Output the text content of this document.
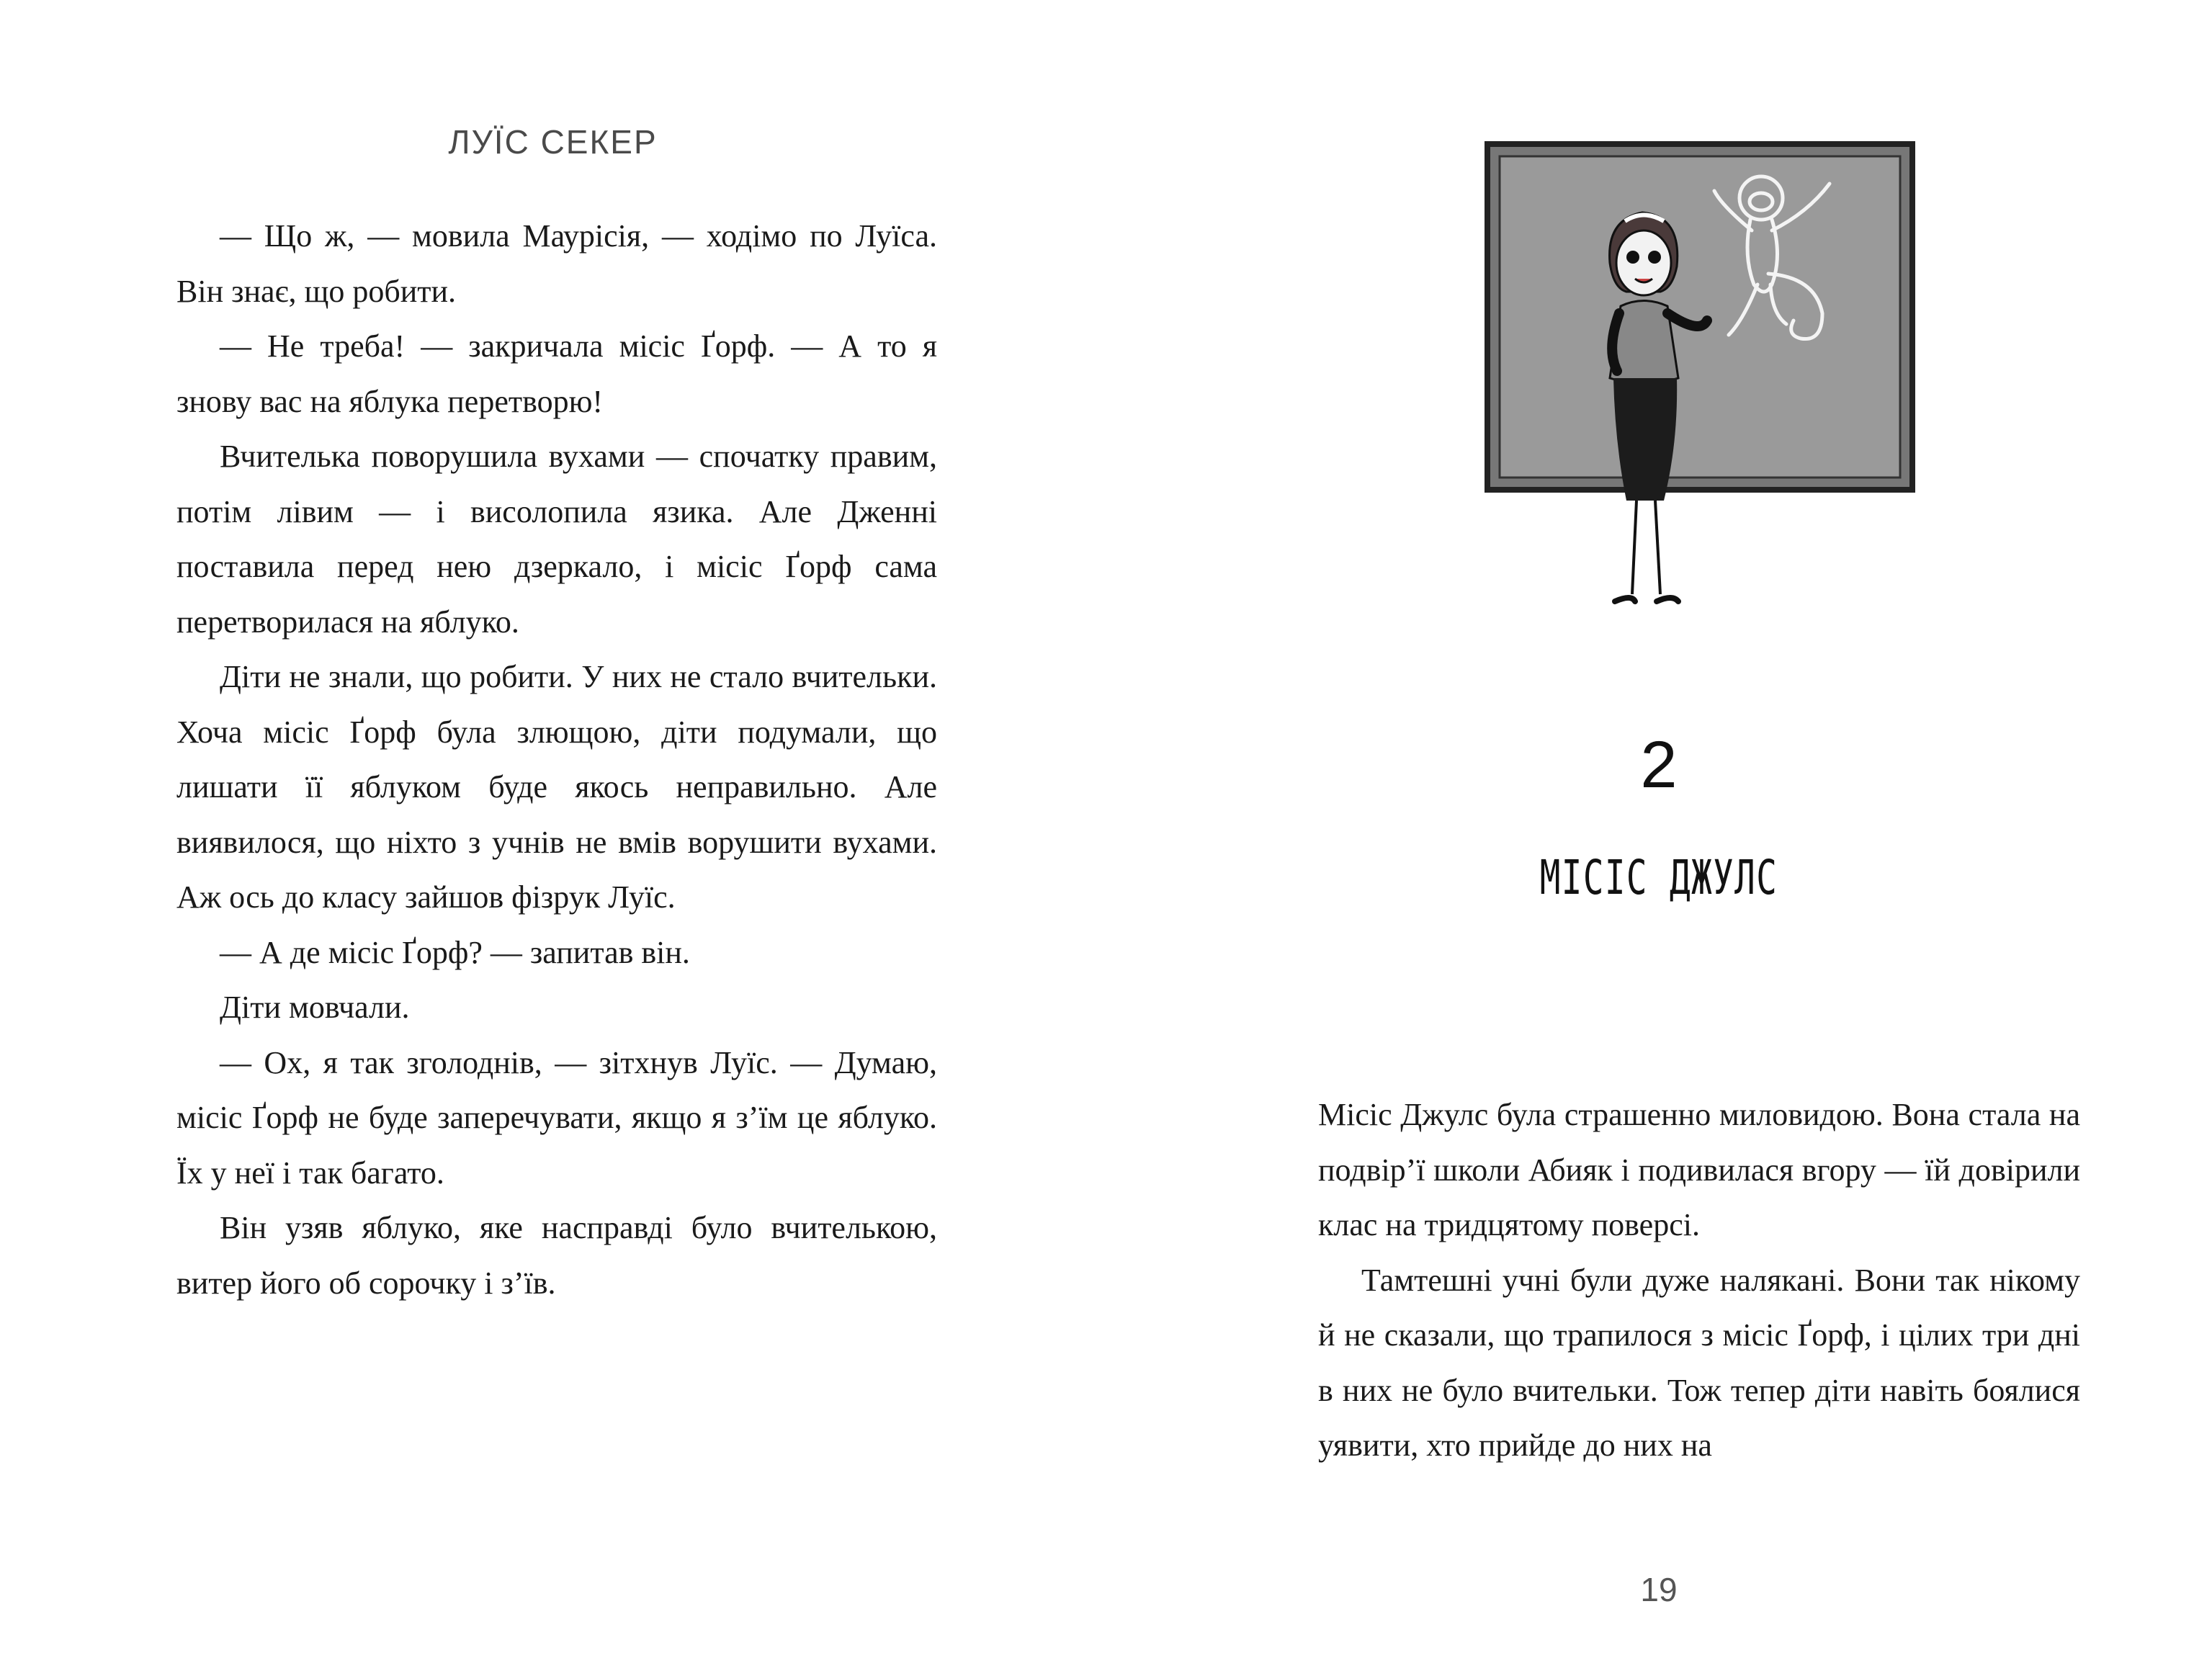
ЛУЇС СЕКЕР

— Що ж, — мовила Маурісія, — ходімо по Луїса. Він знає, що робити.

— Не треба! — закричала місіс Ґорф. — А то я знову вас на яблука перетворю!

Вчителька поворушила вухами — спочатку правим, потім лівим — і висолопила язика. Але Дженні поставила перед нею дзеркало, і місіс Ґорф сама перетворилася на яблуко.

Діти не знали, що робити. У них не стало вчительки. Хоча місіс Ґорф була злющою, діти подумали, що лишати її яблуком буде якось неправильно. Але виявилося, що ніхто з учнів не вмів ворушити вухами. Аж ось до класу зайшов фізрук Луїс.

— А де місіс Ґорф? — запитав він.

Діти мовчали.

— Ох, я так зголоднів, — зітхнув Луїс. — Думаю, місіс Ґорф не буде заперечувати, якщо я з’їм це яблуко. Їх у неї і так багато.

Він узяв яблуко, яке насправді було вчителькою, витер його об сорочку і з’їв.

2
МІСІС ДЖУЛС

Місіс Джулс була страшенно миловидою. Вона стала на подвір’ї школи Абияк і подивилася вгору — їй довірили клас на тридцятому поверсі.

Тамтешні учні були дуже налякані. Вони так нікому й не сказали, що трапилося з місіс Ґорф, і цілих три дні в них не було вчительки. Тож тепер діти навіть боялися уявити, хто прийде до них на

19
